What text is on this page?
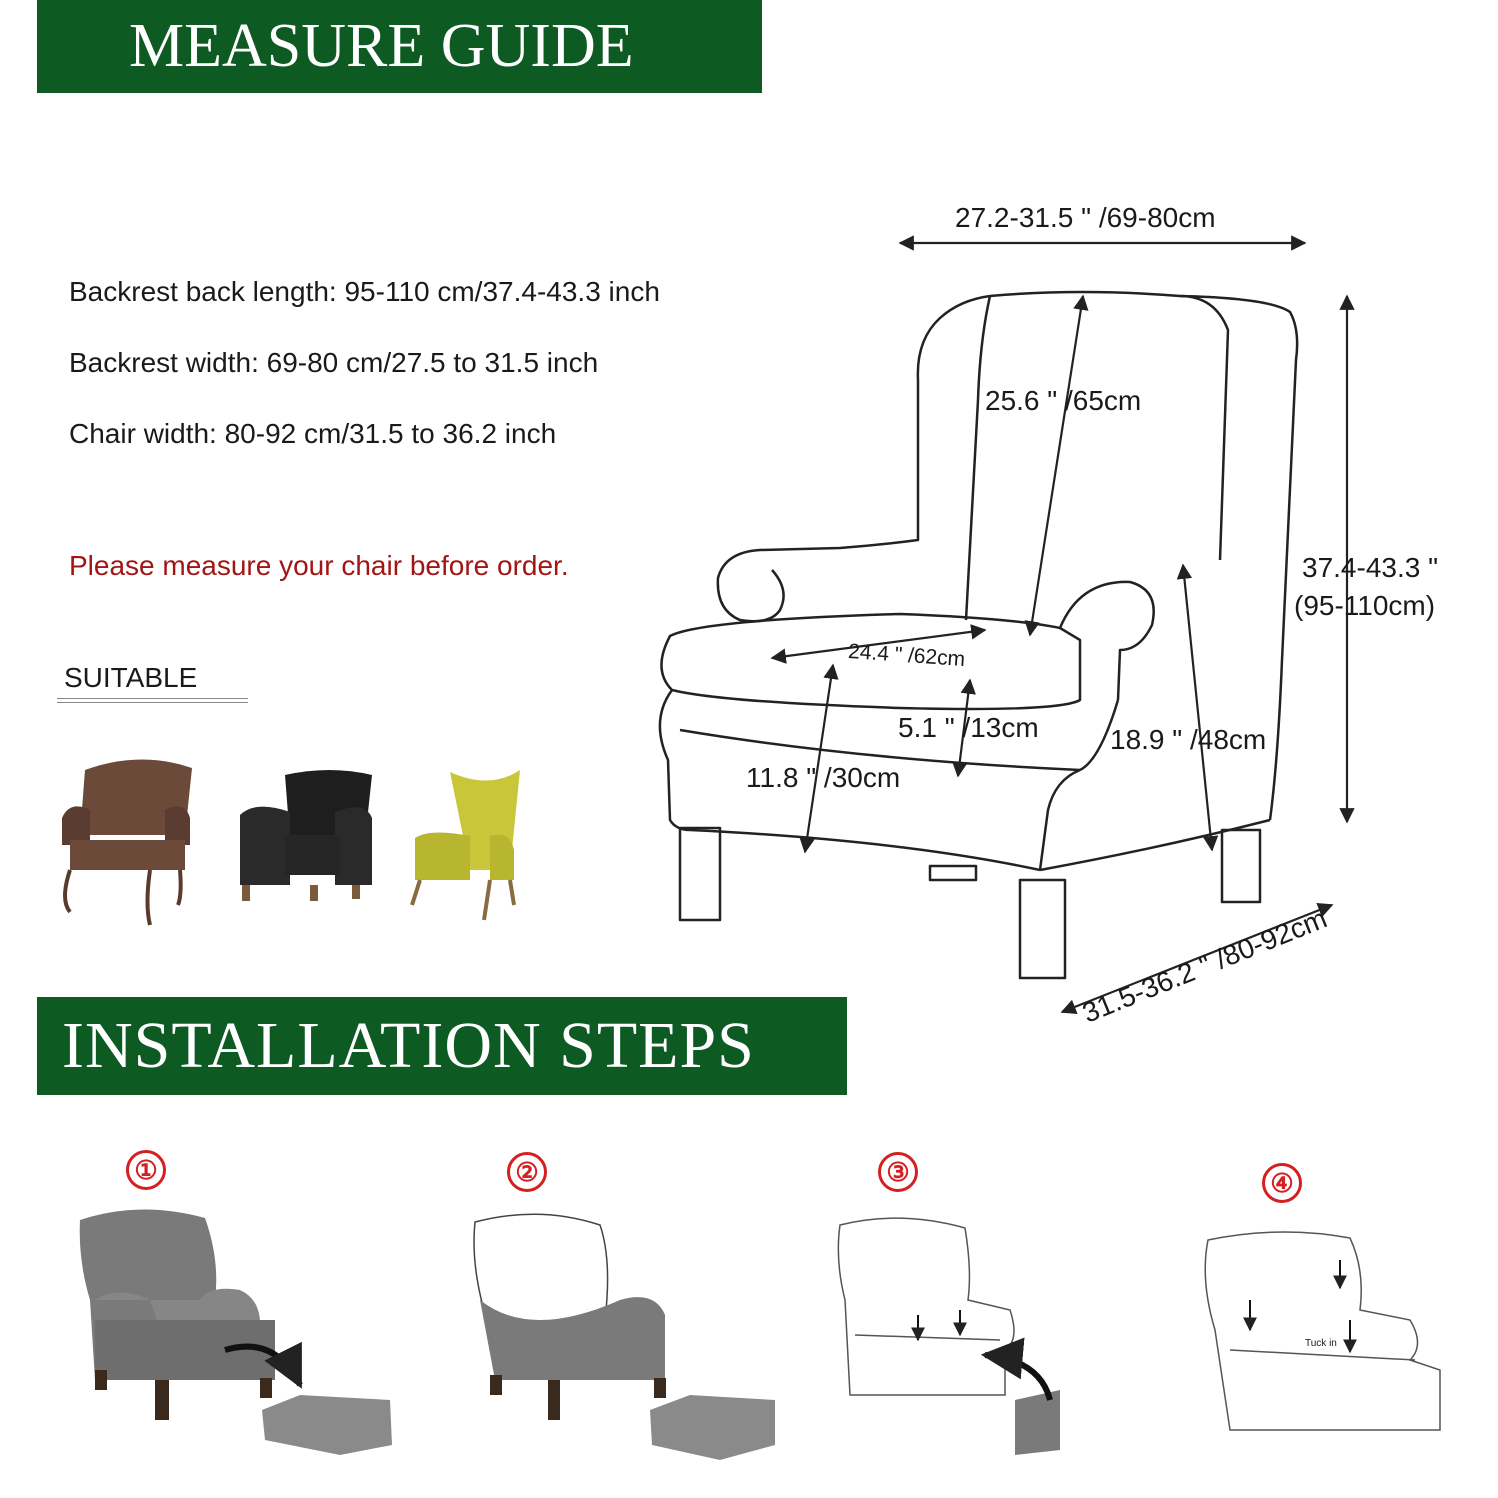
MEASURE GUIDE
INSTALLATION STEPS
Backrest back length: 95-110 cm/37.4-43.3 inch
Backrest width: 69-80 cm/27.5 to 31.5 inch
Chair width: 80-92 cm/31.5 to 36.2 inch
Please measure your chair before order.
SUITABLE
27.2-31.5 " /69-80cm
25.6 " /65cm
37.4-43.3 "
(95-110cm)
24.4 " /62cm
5.1 " /13cm	18.9 " /48cm
11.8 " /30cm
31.5-36.2 " /80-92cm
①	②	③	④
Tuck in
